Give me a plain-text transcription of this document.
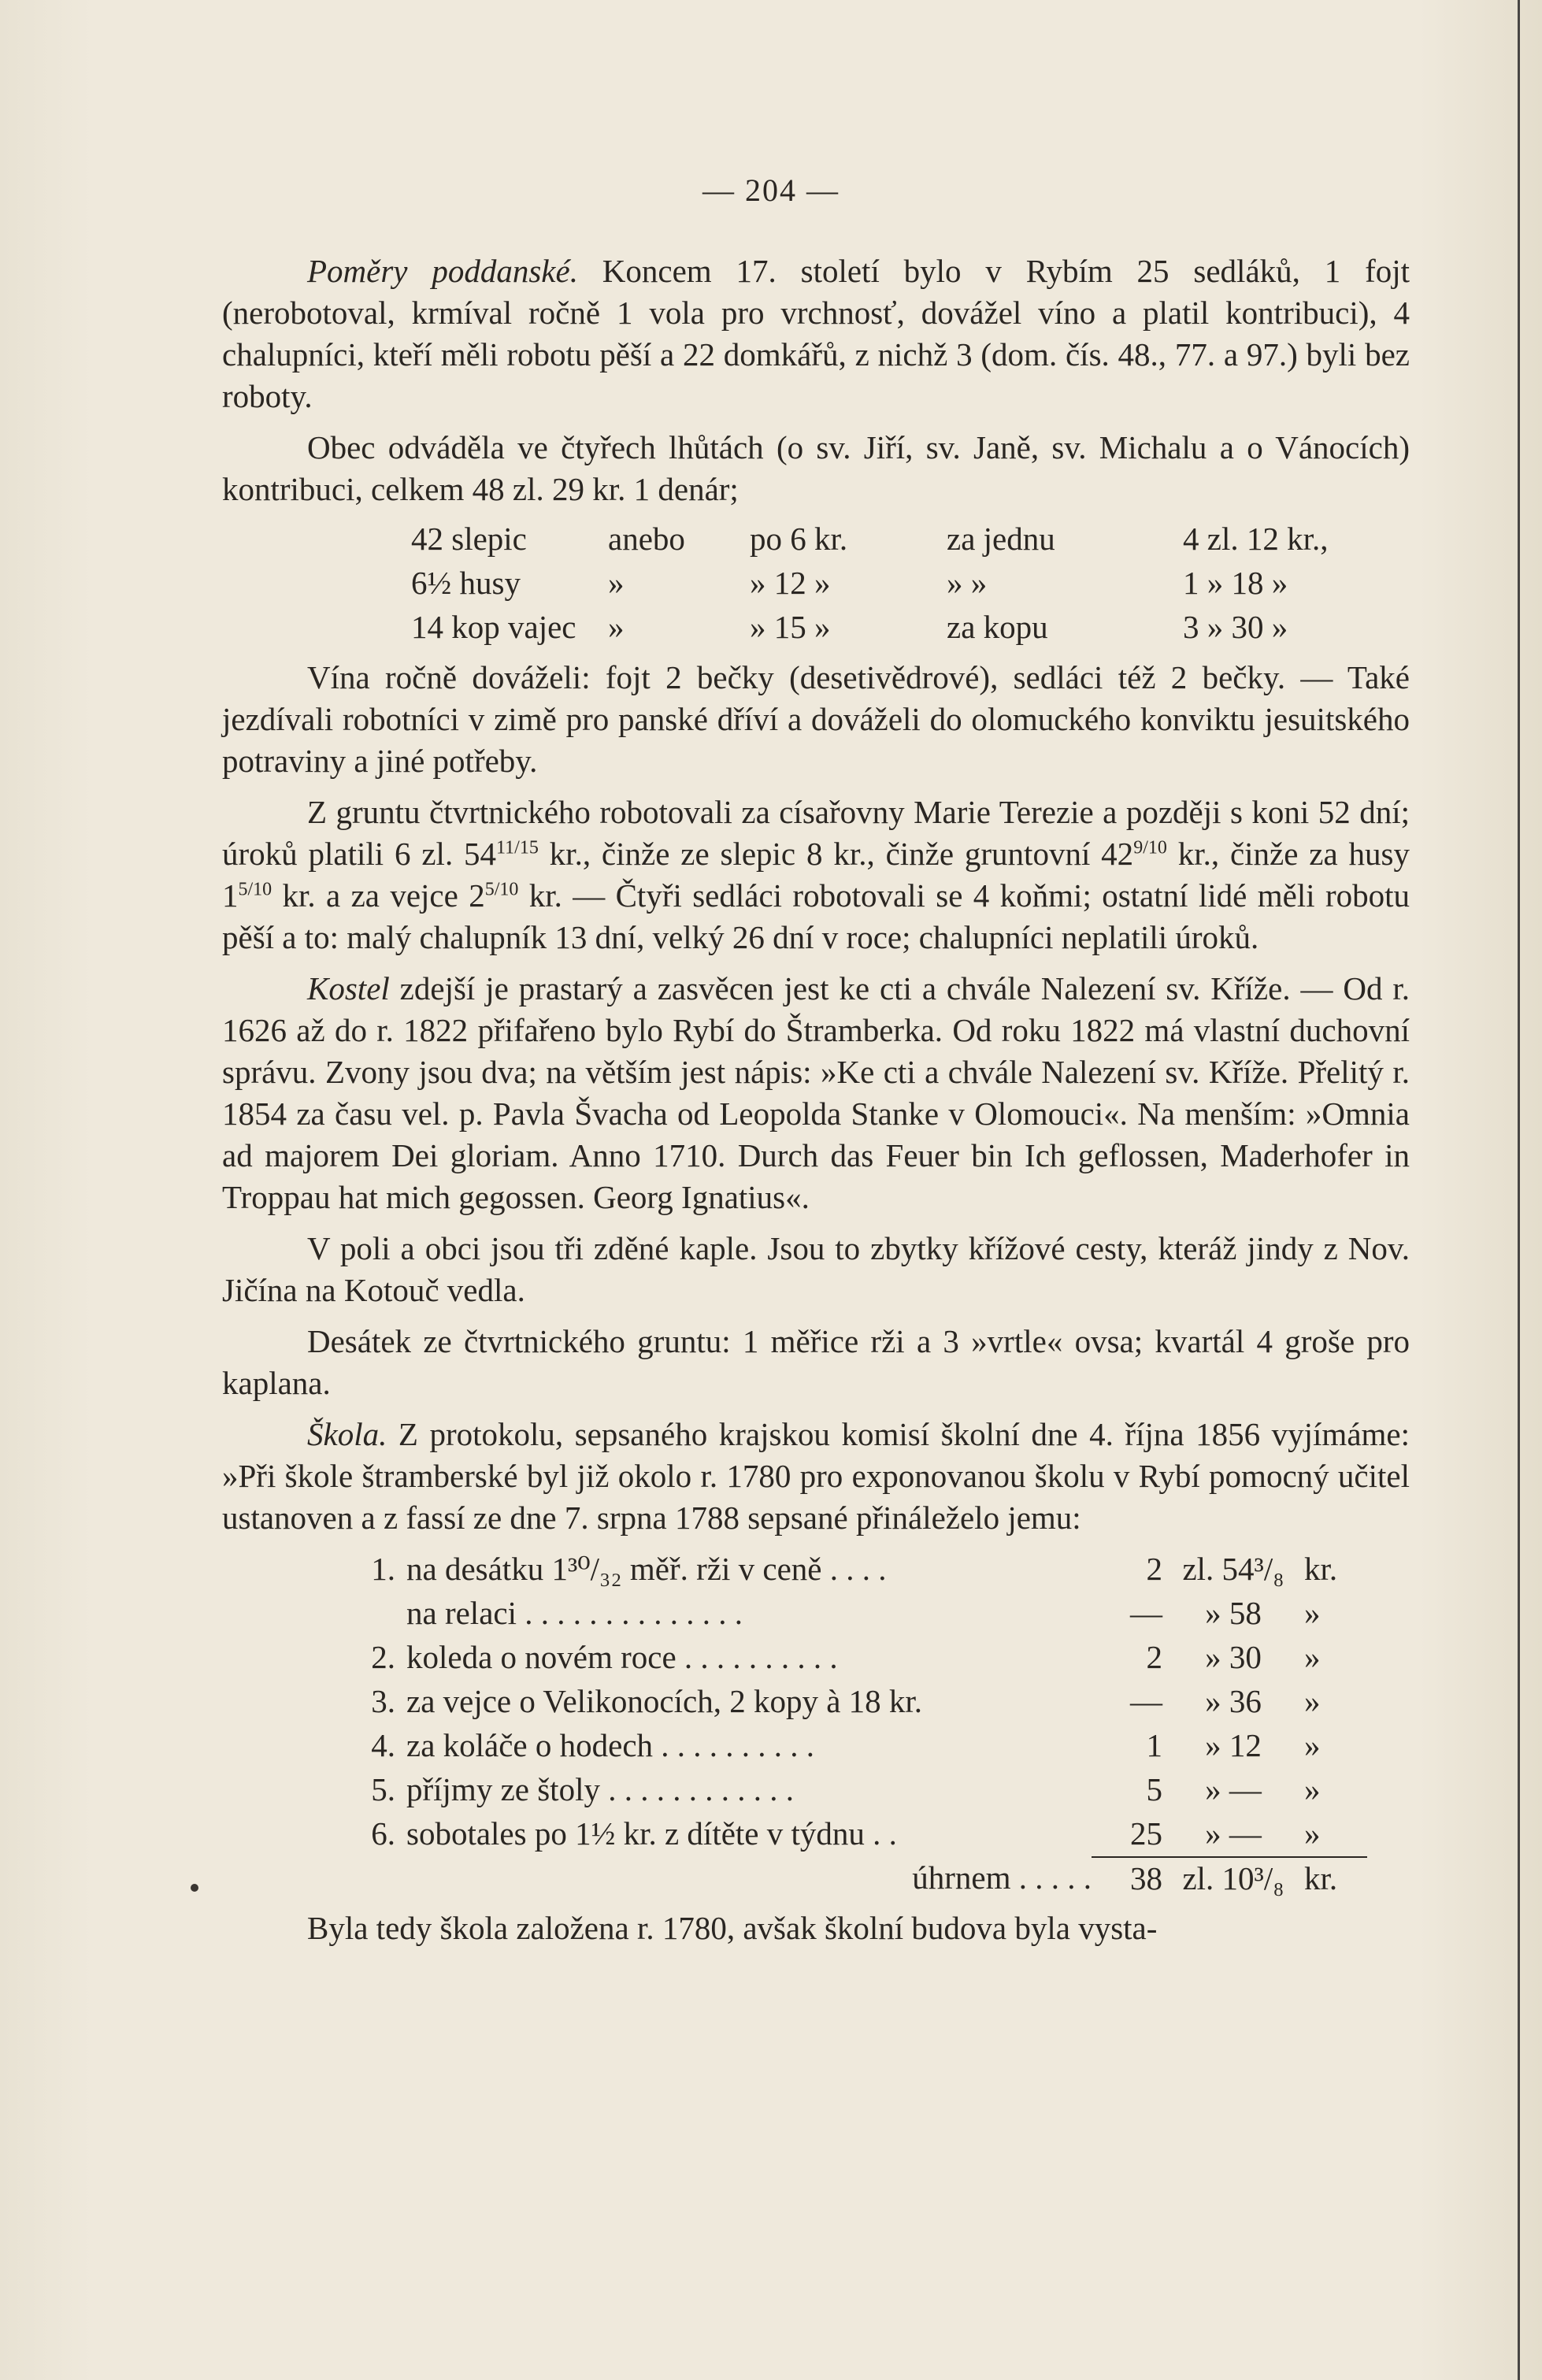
— 204 —

Poměry poddanské. Koncem 17. století bylo v Rybím 25 sedláků, 1 fojt (nerobotoval, krmíval ročně 1 vola pro vrchnosť, dovážel víno a platil kontribuci), 4 chalupníci, kteří měli robotu pěší a 22 domkářů, z nichž 3 (dom. čís. 48., 77. a 97.) byli bez roboty.

Obec odváděla ve čtyřech lhůtách (o sv. Jiří, sv. Janě, sv. Michalu a o Vánocích) kontribuci, celkem 48 zl. 29 kr. 1 denár;

42 slepic	anebo	po 6 kr.	za jednu	4 zl. 12 kr.,
6½ husy	»	» 12 »	» »	1 » 18 »
14 kop vajec »	» 15 »	za kopu	3 » 30 »

Vína ročně dováželi: fojt 2 bečky (desetivědrové), sedláci též 2 bečky. — Také jezdívali robotníci v zimě pro panské dříví a dováželi do olomuckého konviktu jesuitského potraviny a jiné potřeby.

Z gruntu čtvrtnického robotovali za císařovny Marie Terezie a později s koni 52 dní; úroků platili 6 zl. $54^{11/15}$ kr., činže ze slepic 8 kr., činže gruntovní $42^{9/10}$ kr., činže za husy $1^{5/10}$ kr. a za vejce $2^{5/10}$ kr. — Čtyři sedláci robotovali se 4 koňmi; ostatní lidé měli robotu pěší a to: malý chalupník 13 dní, velký 26 dní v roce; chalupníci neplatili úroků.

Kostel zdejší je prastarý a zasvěcen jest ke cti a chvále Nalezení sv. Kříže. — Od r. 1626 až do r. 1822 přifařeno bylo Rybí do Štramberka. Od roku 1822 má vlastní duchovní správu. Zvony jsou dva; na větším jest nápis: »Ke cti a chvále Nalezení sv. Kříže. Přelitý r. 1854 za času vel. p. Pavla Švacha od Leopolda Stanke v Olomouci«. Na menším: »Omnia ad majorem Dei gloriam. Anno 1710. Durch das Feuer bin Ich geflossen, Maderhofer in Troppau hat mich gegossen. Georg Ignatius«.

V poli a obci jsou tři zděné kaple. Jsou to zbytky křížové cesty, kteráž jindy z Nov. Jičína na Kotouč vedla.

Desátek ze čtvrtnického gruntu: 1 měřice rži a 3 »vrtle« ovsa; kvartál 4 groše pro kaplana.

Škola. Z protokolu, sepsaného krajskou komisí školní dne 4. října 1856 vyjímáme: »Při škole štramberské byl již okolo r. 1780 pro exponovanou školu v Rybí pomocný učitel ustanoven a z fassí ze dne 7. srpna 1788 sepsané přináleželo jemu:

1. na desátku 1³⁰/₃₂ měř. rži v ceně . . . .	2 zl. 54³/₈ kr.
na relaci . . . . . . . . . . . . . .	—	» 58	»
2. koleda o novém roce . . . . . . . . . .	2	» 30	»
3. za vejce o Velikonocích, 2 kopy à 18 kr.	—	» 36	»
4. za koláče o hodech . . . . . . . . . .	1	» 12	»
5. příjmy ze štoly . . . . . . . . . . . .	5	» —	»
6. sobotales po 1½ kr. z dítěte v týdnu . .	25	» —	»
úhrnem . . . . .	38 zl. 10³/₈ kr.

Byla tedy škola založena r. 1780, avšak školní budova byla vysta-
